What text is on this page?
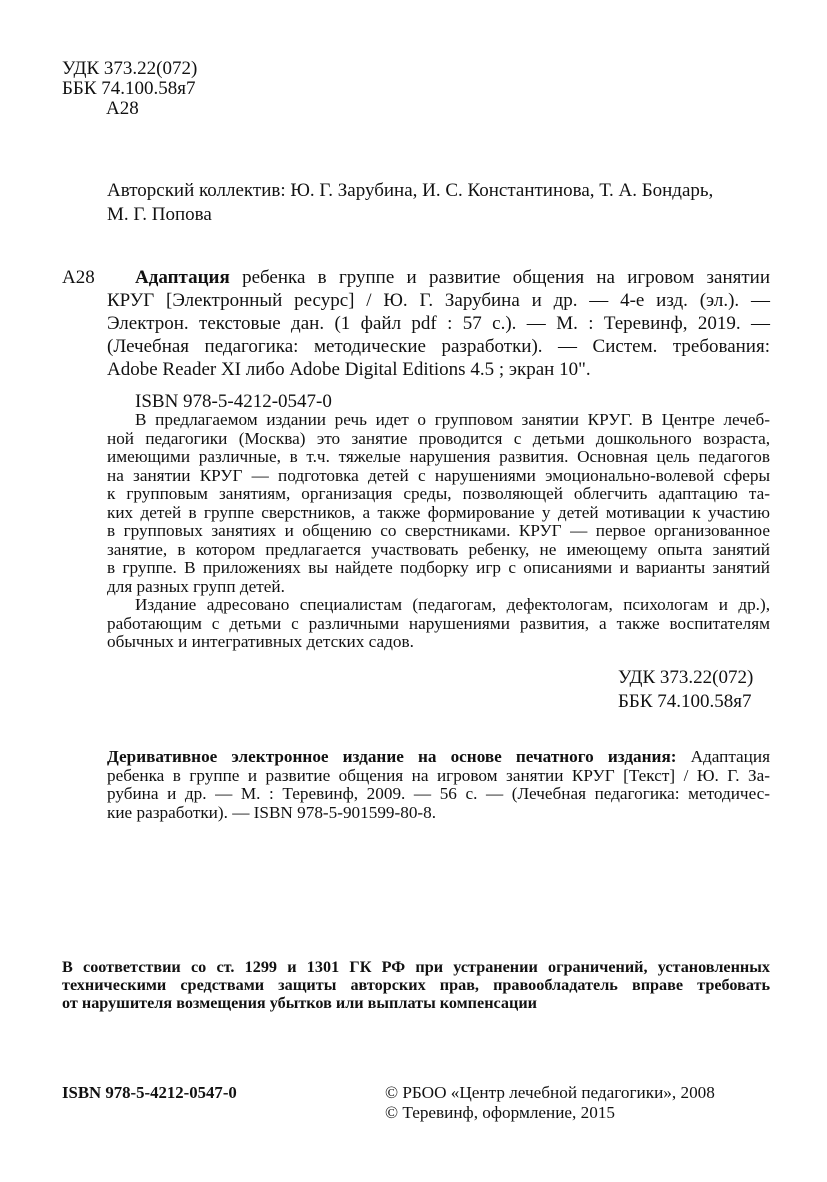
УДК 373.22(072)
ББК 74.100.58я7
А28
Авторский коллектив: Ю. Г. Зарубина, И. С. Константинова, Т. А. Бондарь,
М. Г. Попова
А28	Адаптация ребенка в группе и развитие общения на игровом занятии
КРУГ [Электронный ресурс] / Ю. Г. Зарубина и др. — 4-е изд. (эл.). —
Электрон. текстовые дан. (1 файл pdf : 57 с.). — М. : Теревинф, 2019. —
(Лечебная педагогика: методические разработки). — Систем. требования:
Adobe Reader XI либо Adobe Digital Editions 4.5 ; экран 10".
ISBN 978-5-4212-0547-0
В предлагаемом издании речь идет о групповом занятии КРУГ. В Центре лечеб-
ной педагогики (Москва) это занятие проводится с детьми дошкольного возраста,
имеющими различные, в т.ч. тяжелые нарушения развития. Основная цель педагогов
на занятии КРУГ — подготовка детей с нарушениями эмоционально-волевой сферы
к групповым занятиям, организация среды, позволяющей облегчить адаптацию та-
ких детей в группе сверстников, а также формирование у детей мотивации к участию
в групповых занятиях и общению со сверстниками. КРУГ — первое организованное
занятие, в котором предлагается участвовать ребенку, не имеющему опыта занятий
в группе. В приложениях вы найдете подборку игр с описаниями и варианты занятий
для разных групп детей.
Издание адресовано специалистам (педагогам, дефектологам, психологам и др.),
работающим с детьми с различными нарушениями развития, а также воспитателям
обычных и интегративных детских садов.
УДК 373.22(072)
ББК 74.100.58я7
Деривативное электронное издание на основе печатного издания: Адаптация
ребенка в группе и развитие общения на игровом занятии КРУГ [Текст] / Ю. Г. За-
рубина и др. — М. : Теревинф, 2009. — 56 с. — (Лечебная педагогика: методичес-
кие разработки). — ISBN 978-5-901599-80-8.
В соответствии со ст. 1299 и 1301 ГК РФ при устранении ограничений, установленных
техническими средствами защиты авторских прав, правообладатель вправе требовать
от нарушителя возмещения убытков или выплаты компенсации
ISBN 978-5-4212-0547-0	© РБОО «Центр лечебной педагогики», 2008
© Теревинф, оформление, 2015
